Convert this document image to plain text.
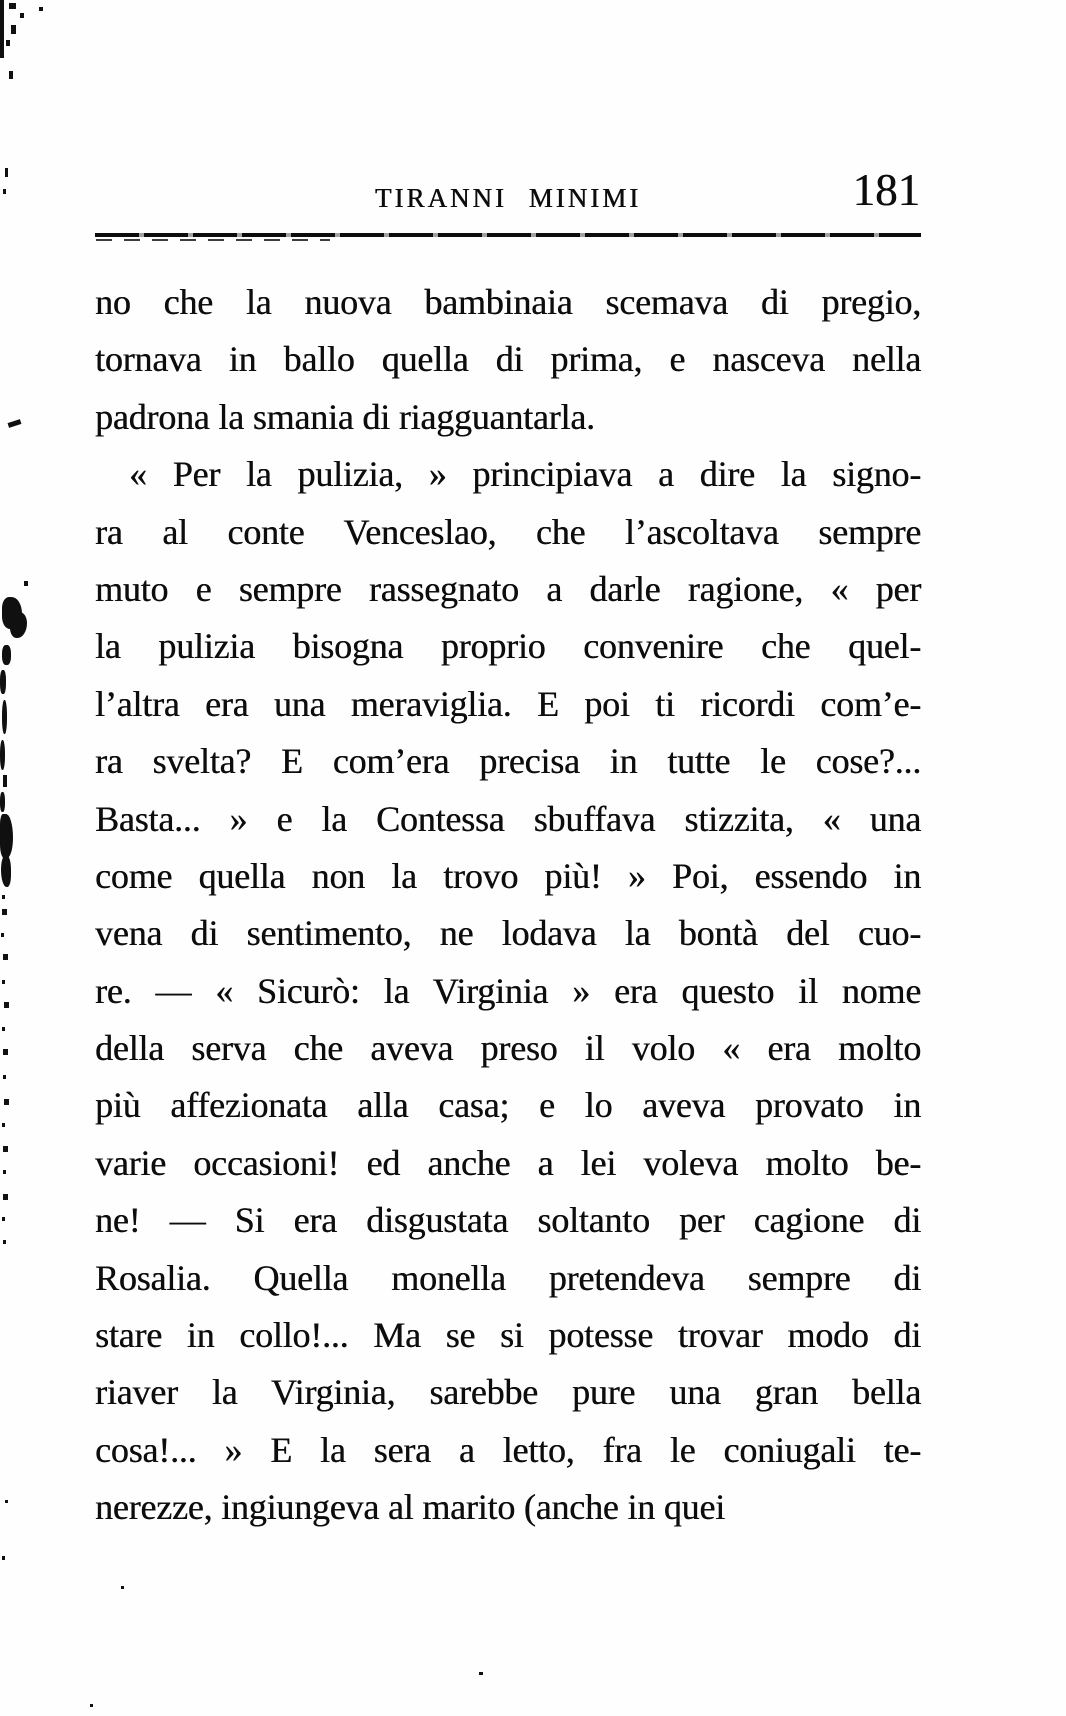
TIRANNI MINIMI	181
no che la nuova bambinaia scemava di pregio,
tornava in ballo quella di prima, e nasceva nella
padrona la smania di riagguantarla.
« Per la pulizia, » principiava a dire la signo-
ra al conte Venceslao, che l’ascoltava sempre
muto e sempre rassegnato a darle ragione, « per
la pulizia bisogna proprio convenire che quel-
l’altra era una meraviglia. E poi ti ricordi com’e-
ra svelta? E com’era precisa in tutte le cose?...
Basta... » e la Contessa sbuffava stizzita, « una
come quella non la trovo più! » Poi, essendo in
vena di sentimento, ne lodava la bontà del cuo-
re. — « Sicurò: la Virginia » era questo il nome
della serva che aveva preso il volo « era molto
più affezionata alla casa; e lo aveva provato in
varie occasioni! ed anche a lei voleva molto be-
ne! — Si era disgustata soltanto per cagione di
Rosalia. Quella monella pretendeva sempre di
stare in collo!... Ma se si potesse trovar modo di
riaver la Virginia, sarebbe pure una gran bella
cosa!... » E la sera a letto, fra le coniugali te-
nerezze, ingiungeva al marito (anche in quei
